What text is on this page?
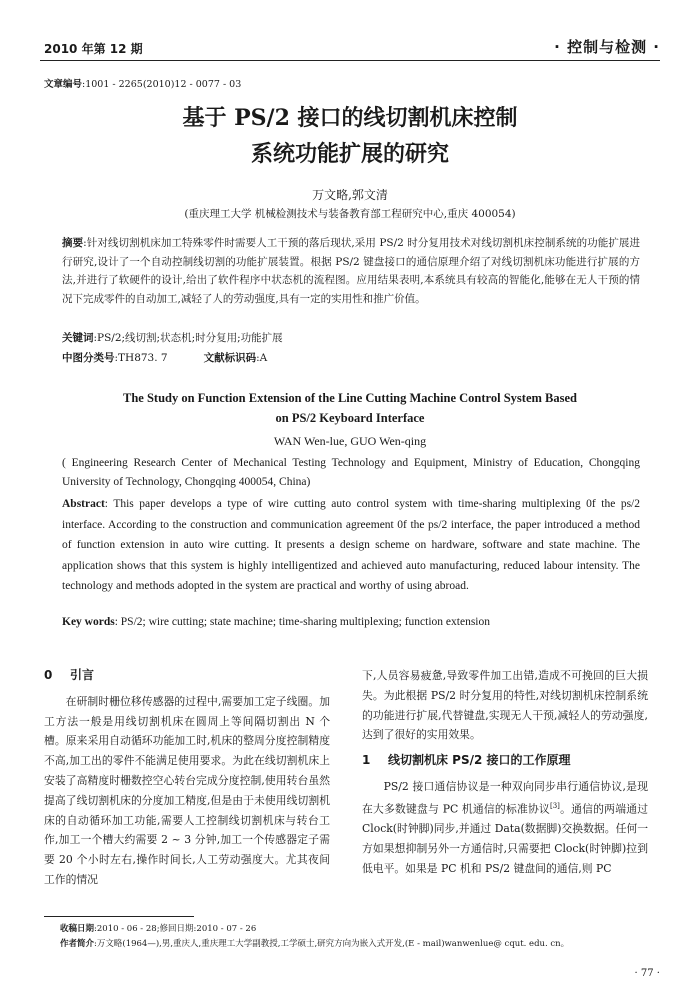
2010 年第 12 期	· 控制与检测 ·
文章编号:1001 - 2265(2010)12 - 0077 - 03
基于 PS/2 接口的线切割机床控制
系统功能扩展的研究
万文略,郭文清
(重庆理工大学 机械检测技术与装备教育部工程研究中心,重庆 400054)
摘要:针对线切割机床加工特殊零件时需要人工干预的落后现状,采用 PS/2 时分复用技术对线切割机床控制系统的功能扩展进行研究,设计了一个自动控制线切割的功能扩展装置。根据 PS/2 键盘接口的通信原理介绍了对线切割机床功能进行扩展的方法,并进行了软硬件的设计,给出了软件程序中状态机的流程图。应用结果表明,本系统具有较高的智能化,能够在无人干预的情况下完成零件的自动加工,减轻了人的劳动强度,具有一定的实用性和推广价值。
关键词:PS/2;线切割;状态机;时分复用;功能扩展
中图分类号:TH873. 7	文献标识码:A
The Study on Function Extension of the Line Cutting Machine Control System Based
on PS/2 Keyboard Interface
WAN Wen-lue, GUO Wen-qing
( Engineering Research Center of Mechanical Testing Technology and Equipment, Ministry of Education, Chongqing University of Technology, Chongqing 400054, China)
Abstract: This paper develops a type of wire cutting auto control system with time-sharing multiplexing 0f the ps/2 interface. According to the construction and communication agreement 0f the ps/2 interface, the paper introduced a method of function extension in auto wire cutting. It presents a design scheme on hardware, software and state machine. The application shows that this system is highly intelligentized and achieved auto manufacturing, reduced labour intensity. The technology and methods adopted in the system are practical and worthy of using abroad.
Key words: PS/2; wire cutting; state machine; time-sharing multiplexing; function extension
0 引言

在研制时栅位移传感器的过程中,需要加工定子线圈。加工方法一般是用线切割机床在圆周上等间隔切割出 N 个槽。原来采用自动循环功能加工时,机床的整周分度控制精度不高,加工出的零件不能满足使用要求。为此在线切割机床上安装了高精度时栅数控空心转台完成分度控制,使用转台虽然提高了线切割机床的分度加工精度,但是由于未使用线切割机床的自动循环加工功能,需要人工控制线切割机床与转台工作,加工一个槽大约需要 2 ~ 3 分钟,加工一个传感器定子需要 20 个小时左右,操作时间长,人工劳动强度大。尤其夜间工作的情况

下,人员容易疲惫,导致零件加工出错,造成不可挽回的巨大损失。为此根据 PS/2 时分复用的特性,对线切割机床控制系统的功能进行扩展,代替键盘,实现无人干预,减轻人的劳动强度,达到了很好的实用效果。

1 线切割机床 PS/2 接口的工作原理

PS/2 接口通信协议是一种双向同步串行通信协议,是现在大多数键盘与 PC 机通信的标准协议[3]。通信的两端通过 Clock(时钟脚)同步,并通过 Data(数据脚)交换数据。任何一方如果想抑制另外一方通信时,只需要把 Clock(时钟脚)拉到低电平。如果是 PC 机和 PS/2 键盘间的通信,则 PC

收稿日期:2010 - 06 - 28;修回日期:2010 - 07 - 26
作者简介:万文略(1964—),男,重庆人,重庆理工大学副教授,工学硕士,研究方向为嵌入式开发,(E - mail)wanwenlue@ cqut. edu. cn。
· 77 ·
